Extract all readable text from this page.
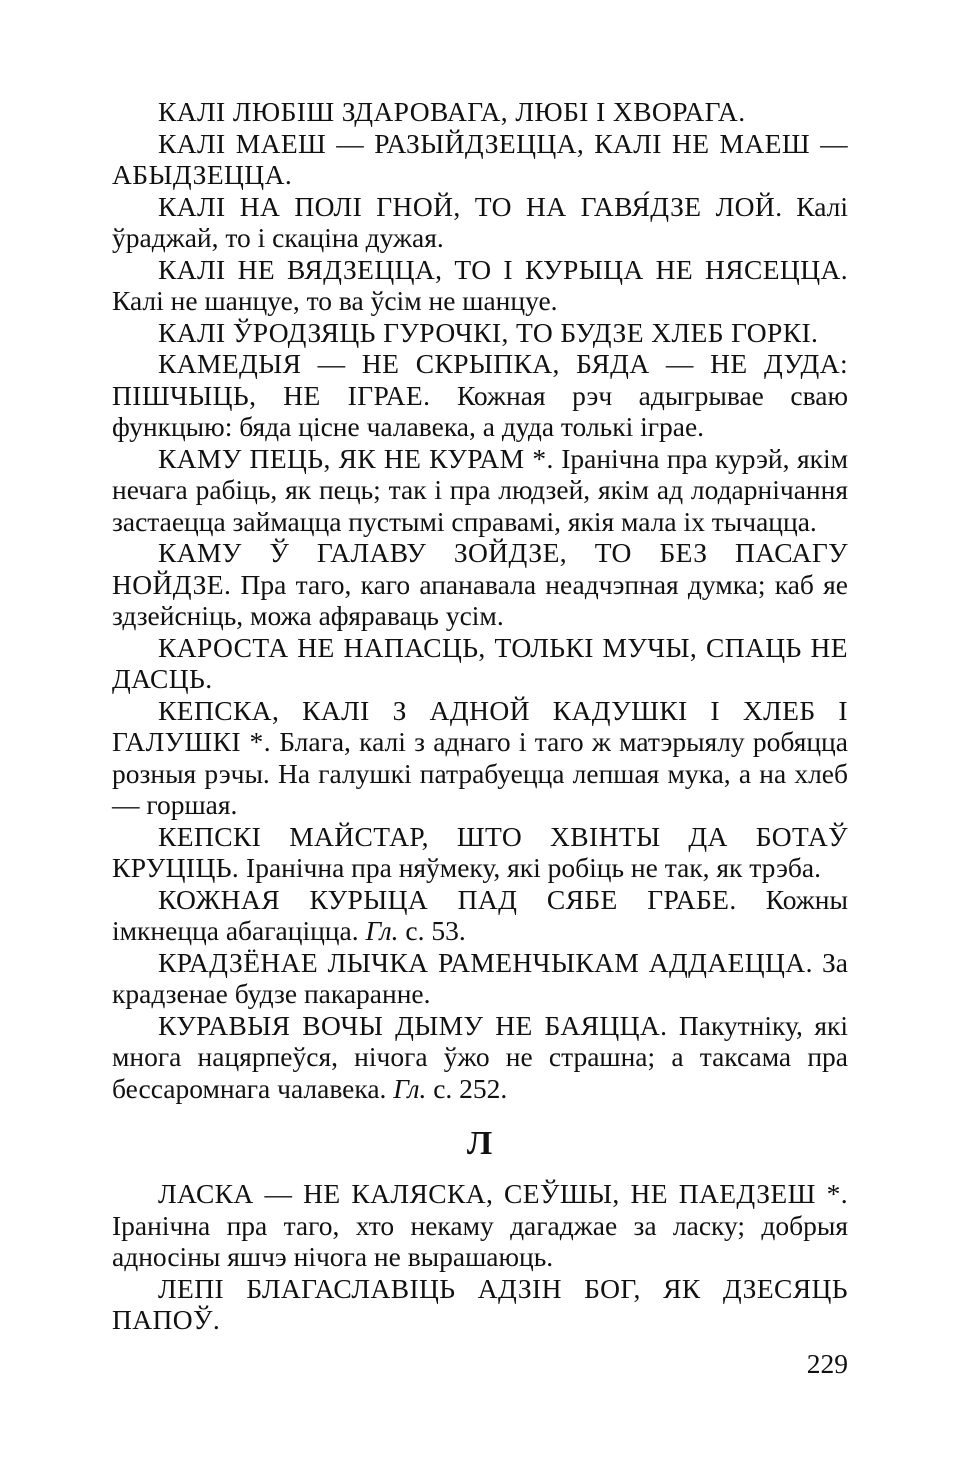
КАЛІ ЛЮБІШ ЗДАРОВАГА, ЛЮБІ І ХВОРАГА.

КАЛІ МАЕШ — РАЗЫЙДЗЕЦЦА, КАЛІ НЕ МАЕШ — АБЫДЗЕЦЦА.

КАЛІ НА ПОЛІ ГНОЙ, ТО НА ГАВЯ́ДЗЕ ЛОЙ. Калі ўраджай, то і скаціна дужая.

КАЛІ НЕ ВЯДЗЕЦЦА, ТО І КУРЫЦА НЕ НЯСЕЦЦА. Калі не шанцуе, то ва ўсім не шанцуе.

КАЛІ ЎРОДЗЯЦЬ ГУРОЧКІ, ТО БУДЗЕ ХЛЕБ ГОРКІ.

КАМЕДЫЯ — НЕ СКРЫПКА, БЯДА — НЕ ДУДА: ПІШЧЫЦЬ, НЕ ІГРАЕ. Кожная рэч адыгрывае сваю функцыю: бяда цісне чалавека, а дуда толькі іграе.

КАМУ ПЕЦЬ, ЯК НЕ КУРАМ *. Іранічна пра курэй, якім нечага рабіць, як пець; так і пра людзей, якім ад лодарнічання застаецца займацца пустымі справамі, якія мала іх тычацца.

КАМУ Ў ГАЛАВУ ЗОЙДЗЕ, ТО БЕЗ ПАСАГУ НОЙДЗЕ. Пра таго, каго апанавала неадчэпная думка; каб яе здзейсніць, можа афяраваць усім.

КАРОСТА НЕ НАПАСЦЬ, ТОЛЬКІ МУЧЫ, СПАЦЬ НЕ ДАСЦЬ.

КЕПСКА, КАЛІ З АДНОЙ КАДУШКІ І ХЛЕБ І ГАЛУШКІ *. Блага, калі з аднаго і таго ж матэрыялу робяцца розныя рэчы. На галушкі патрабуецца лепшая мука, а на хлеб — горшая.

КЕПСКІ МАЙСТАР, ШТО ХВІНТЫ ДА БОТАЎ КРУЦІЦЬ. Іранічна пра няўмеку, які робіць не так, як трэба.

КОЖНАЯ КУРЫЦА ПАД СЯБЕ ГРАБЕ. Кожны імкнецца абагаціцца. Гл. с. 53.

КРАДЗЁНАЕ ЛЫЧКА РАМЕНЧЫКАМ АДДАЕЦЦА. За крадзенае будзе пакаранне.

КУРАВЫЯ ВОЧЫ ДЫМУ НЕ БАЯЦЦА. Пакутніку, які многа нацярпеўся, нічога ўжо не страшна; а таксама пра бессаромнага чалавека. Гл. с. 252.

Л

ЛАСКА — НЕ КАЛЯСКА, СЕЎШЫ, НЕ ПАЕДЗЕШ *. Іранічна пра таго, хто некаму дагаджае за ласку; добрыя адносіны яшчэ нічога не вырашаюць.

ЛЕПІ БЛАГАСЛАВІЦЬ АДЗІН БОГ, ЯК ДЗЕСЯЦЬ ПАПОЎ.

229
